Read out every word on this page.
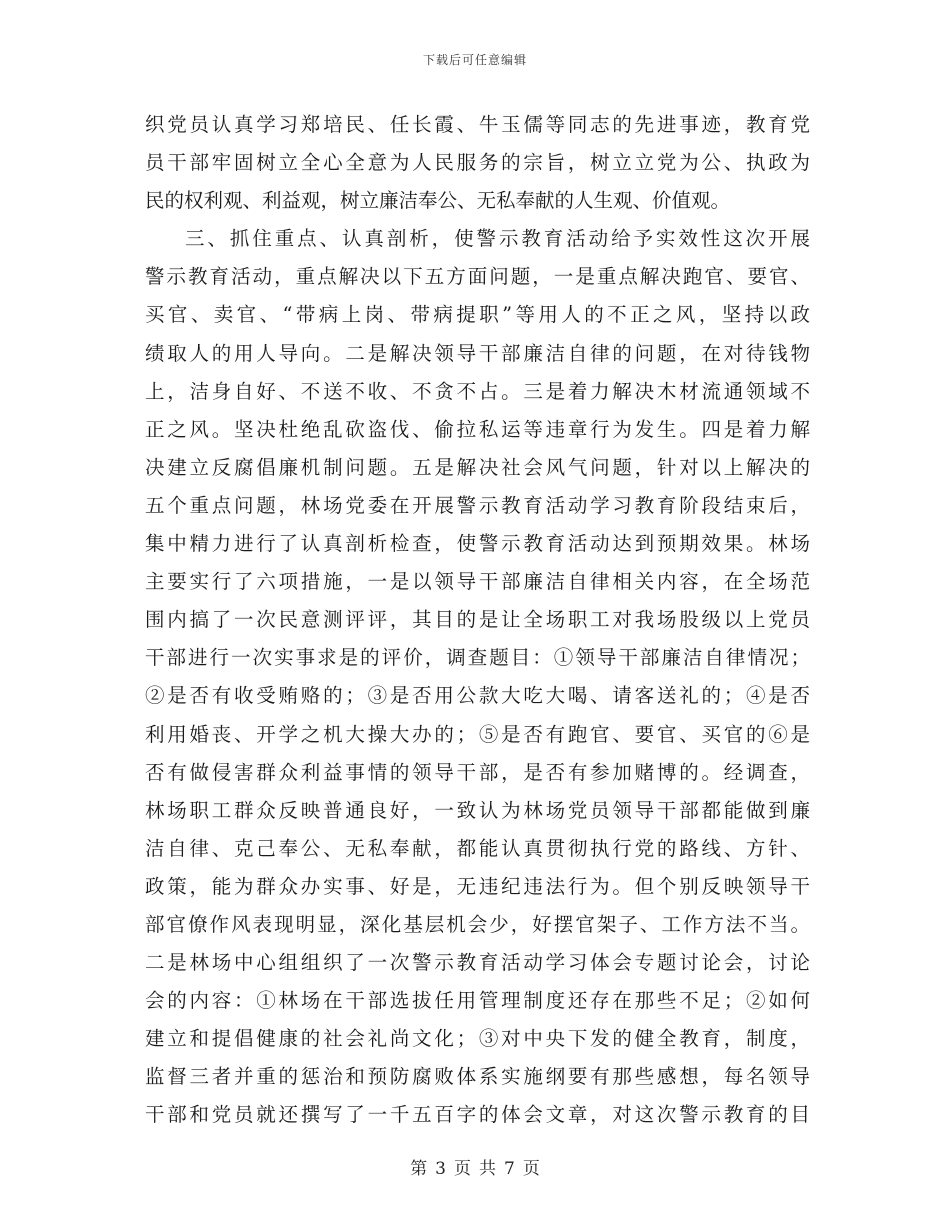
下载后可任意编辑
织党员认真学习郑培民、任长霞、牛玉儒等同志的先进事迹，教育党
员干部牢固树立全心全意为人民服务的宗旨，树立立党为公、执政为
民的权利观、利益观，树立廉洁奉公、无私奉献的人生观、价值观。
三、抓住重点、认真剖析，使警示教育活动给予实效性这次开展
警示教育活动，重点解决以下五方面问题，一是重点解决跑官、要官、
买官、卖官、“带病上岗、带病提职”等用人的不正之风，坚持以政
绩取人的用人导向。二是解决领导干部廉洁自律的问题，在对待钱物
上，洁身自好、不送不收、不贪不占。三是着力解决木材流通领域不
正之风。坚决杜绝乱砍盗伐、偷拉私运等违章行为发生。四是着力解
决建立反腐倡廉机制问题。五是解决社会风气问题，针对以上解决的
五个重点问题，林场党委在开展警示教育活动学习教育阶段结束后，
集中精力进行了认真剖析检查，使警示教育活动达到预期效果。林场
主要实行了六项措施，一是以领导干部廉洁自律相关内容，在全场范
围内搞了一次民意测评评，其目的是让全场职工对我场股级以上党员
干部进行一次实事求是的评价，调查题目：①领导干部廉洁自律情况；
②是否有收受贿赂的；③是否用公款大吃大喝、请客送礼的；④是否
利用婚丧、开学之机大操大办的；⑤是否有跑官、要官、买官的⑥是
否有做侵害群众利益事情的领导干部，是否有参加赌博的。经调查，
林场职工群众反映普通良好，一致认为林场党员领导干部都能做到廉
洁自律、克己奉公、无私奉献，都能认真贯彻执行党的路线、方针、
政策，能为群众办实事、好是，无违纪违法行为。但个别反映领导干
部官僚作风表现明显，深化基层机会少，好摆官架子、工作方法不当。
二是林场中心组组织了一次警示教育活动学习体会专题讨论会，讨论
会的内容：①林场在干部选拔任用管理制度还存在那些不足；②如何
建立和提倡健康的社会礼尚文化；③对中央下发的健全教育，制度，
监督三者并重的惩治和预防腐败体系实施纲要有那些感想，每名领导
干部和党员就还撰写了一千五百字的体会文章，对这次警示教育的目
第 3 页 共 7 页
